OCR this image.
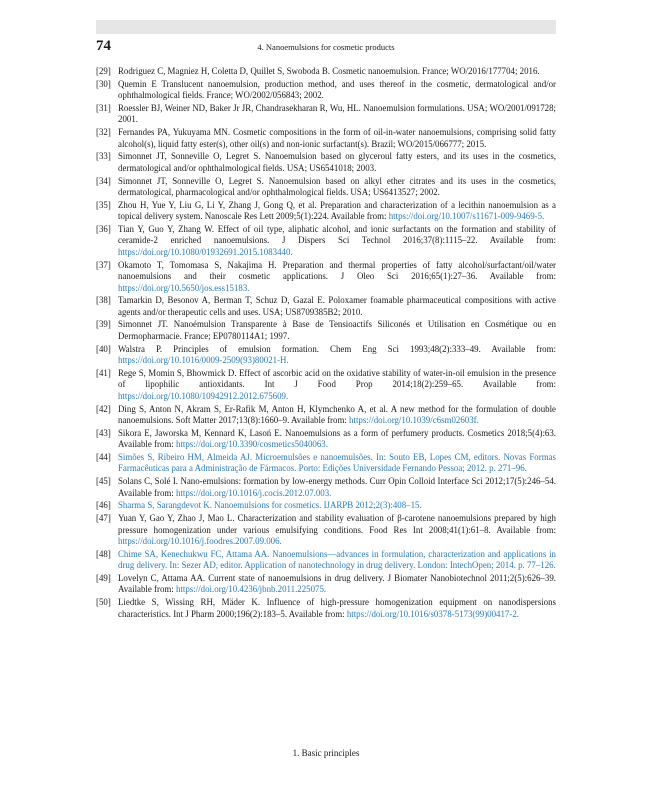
74	4. Nanoemulsions for cosmetic products
[29] Rodriguez C, Magniez H, Coletta D, Quillet S, Swoboda B. Cosmetic nanoemulsion. France; WO/2016/177704; 2016.
[30] Quemin E Translucent nanoemulsion, production method, and uses thereof in the cosmetic, dermatological and/or ophthalmological fields. France; WO/2002/056843; 2002.
[31] Roessler BJ, Weiner ND, Baker Jr JR, Chandrasekharan R, Wu, HL. Nanoemulsion formulations. USA; WO/2001/091728; 2001.
[32] Fernandes PA, Yukuyama MN. Cosmetic compositions in the form of oil-in-water nanoemulsions, comprising solid fatty alcohol(s), liquid fatty ester(s), other oil(s) and non-ionic surfactant(s). Brazil; WO/2015/066777; 2015.
[33] Simonnet JT, Sonneville O, Legret S. Nanoemulsion based on glyceroul fatty esters, and its uses in the cosmetics, dermatological and/or ophthalmological fields. USA; US6541018; 2003.
[34] Simonnet JT, Sonneville O, Legret S. Nanoemulsion based on alkyl ether citrates and its uses in the cosmetics, dermatological, pharmacological and/or ophthalmological fields. USA; US6413527; 2002.
[35] Zhou H, Yue Y, Liu G, Li Y, Zhang J, Gong Q, et al. Preparation and characterization of a lecithin nanoemulsion as a topical delivery system. Nanoscale Res Lett 2009;5(1):224. Available from: https://doi.org/10.1007/s11671-009-9469-5.
[36] Tian Y, Guo Y, Zhang W. Effect of oil type, aliphatic alcohol, and ionic surfactants on the formation and stability of ceramide-2 enriched nanoemulsions. J Dispers Sci Technol 2016;37(8):1115–22. Available from: https://doi.org/10.1080/01932691.2015.1083440.
[37] Okamoto T, Tomomasa S, Nakajima H. Preparation and thermal properties of fatty alcohol/surfactant/oil/water nanoemulsions and their cosmetic applications. J Oleo Sci 2016;65(1):27–36. Available from: https://doi.org/10.5650/jos.ess15183.
[38] Tamarkin D, Besonov A, Berman T, Schuz D, Gazal E. Poloxamer foamable pharmaceutical compositions with active agents and/or therapeutic cells and uses. USA; US8709385B2; 2010.
[39] Simonnet JT. Nanoémulsion Transparente à Base de Tensioactifs Siliconés et Utilisation en Cosmétique ou en Dermopharmacie. France; EP0780114A1; 1997.
[40] Walstra P. Principles of emulsion formation. Chem Eng Sci 1993;48(2):333–49. Available from: https://doi.org/10.1016/0009-2509(93)80021-H.
[41] Rege S, Momin S, Bhowmick D. Effect of ascorbic acid on the oxidative stability of water-in-oil emulsion in the presence of lipophilic antioxidants. Int J Food Prop 2014;18(2):259–65. Available from: https://doi.org/10.1080/10942912.2012.675609.
[42] Ding S, Anton N, Akram S, Er-Rafik M, Anton H, Klymchenko A, et al. A new method for the formulation of double nanoemulsions. Soft Matter 2017;13(8):1660–9. Available from: https://doi.org/10.1039/c6sm02603f.
[43] Sikora E, Jaworska M, Kennard K, Lasoń E. Nanoemulsions as a form of perfumery products. Cosmetics 2018;5(4):63. Available from: https://doi.org/10.3390/cosmetics5040063.
[44] Simões S, Ribeiro HM, Almeida AJ. Microemulsões e nanoemulsões. In: Souto EB, Lopes CM, editors. Novas Formas Farmacêuticas para a Administração de Fármacos. Porto: Edições Universidade Fernando Pessoa; 2012. p. 271–96.
[45] Solans C, Solé I. Nano-emulsions: formation by low-energy methods. Curr Opin Colloid Interface Sci 2012;17(5):246–54. Available from: https://doi.org/10.1016/j.cocis.2012.07.003.
[46] Sharma S, Sarangdevot K. Nanoemulsions for cosmetics. IJARPB 2012;2(3):408–15.
[47] Yuan Y, Gao Y, Zhao J, Mao L. Characterization and stability evaluation of β-carotene nanoemulsions prepared by high pressure homogenization under various emulsifying conditions. Food Res Int 2008;41(1):61–8. Available from: https://doi.org/10.1016/j.foodres.2007.09.006.
[48] Chime SA, Kenechukwu FC, Attama AA. Nanoemulsions—advances in formulation, characterization and applications in drug delivery. In: Sezer AD, editor. Application of nanotechnology in drug delivery. London: IntechOpen; 2014. p. 77–126.
[49] Lovelyn C, Attama AA. Current state of nanoemulsions in drug delivery. J Biomater Nanobiotechnol 2011;2(5):626–39. Available from: https://doi.org/10.4236/jbnb.2011.225075.
[50] Liedtke S, Wissing RH, Mäder K. Influence of high-pressure homogenization equipment on nanodispersions characteristics. Int J Pharm 2000;196(2):183–5. Available from: https://doi.org/10.1016/s0378-5173(99)00417-2.
1. Basic principles
